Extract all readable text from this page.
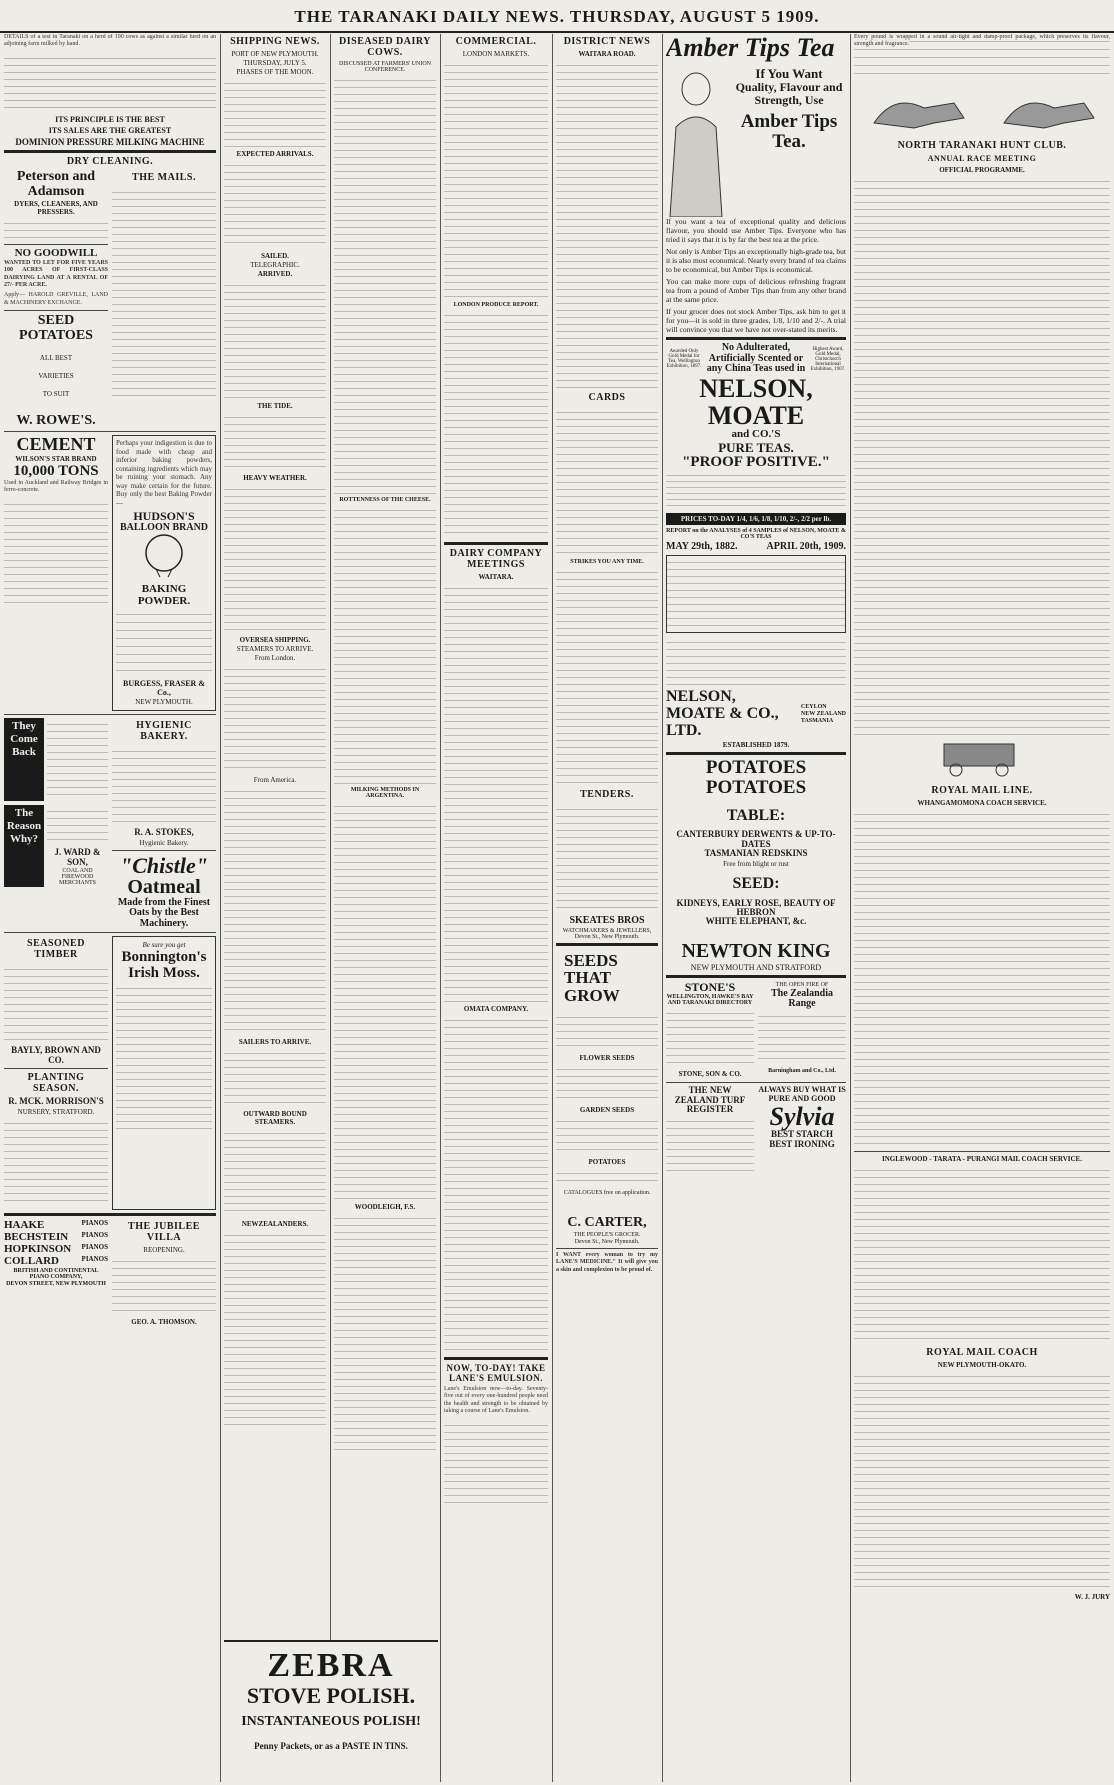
THE TARANAKI DAILY NEWS. THURSDAY, AUGUST 5 1909.

DETAILS of a test in Taranaki on a herd of 190 cows as against a similar herd on an adjoining farm milked by hand.

ITS PRINCIPLE IS THE BEST
ITS SALES ARE THE GREATEST
DOMINION PRESSURE MILKING MACHINE
DRY CLEANING.
Peterson and Adamson
DYERS, CLEANERS, AND PRESSERS.
NO GOODWILL

WANTED TO LET FOR FIVE YEARS 100 ACRES OF FIRST-CLASS DAIRYING LAND AT A RENTAL OF 27/- PER ACRE.

Apply— HAROLD GREVILLE, LAND & MACHINERY EXCHANGE.

SEED POTATOES
ALL BEST
VARIETIES
TO SUIT
W. ROWE'S.
THE MAILS.
CEMENT
WILSON'S STAR BRAND
10,000 TONS

Used in Auckland and Railway Bridges in ferro-concrete.

Perhaps your indigestion is due to food made with cheap and inferior baking powders, containing ingredients which may be ruining your stomach. Any way make certain for the future. Buy only the best Baking Powder—

HUDSON'S
BALLOON BRAND
BAKING POWDER.
BURGESS, FRASER & Co.,
NEW PLYMOUTH.
They Come Back
The Reason Why?
J. WARD & SON,
COAL AND FIREWOOD MERCHANTS
HYGIENIC BAKERY.
R. A. STOKES,
Hygienic Bakery.
"Chistle"
Oatmeal
Made from the Finest Oats by the Best Machinery.
SEASONED TIMBER
BAYLY, BROWN AND CO.
PLANTING SEASON.
R. MCK. MORRISON'S
NURSERY, STRATFORD.
Be sure you get
Bonnington's Irish Moss.
HAAKE	PIANOS
BECHSTEIN PIANOS
HOPKINSON PIANOS
COLLARD	PIANOS
BRITISH AND CONTINENTAL PIANO COMPANY,
DEVON STREET, NEW PLYMOUTH
THE JUBILEE VILLA
REOPENING.
GEO. A. THOMSON.
SHIPPING NEWS.
PORT OF NEW PLYMOUTH.
THURSDAY, JULY 5.
PHASES OF THE MOON.
EXPECTED ARRIVALS.
SAILED.
TELEGRAPHIC.
ARRIVED.
THE TIDE.
HEAVY WEATHER.
OVERSEA SHIPPING.
STEAMERS TO ARRIVE.
From London.
From America.
SAILERS TO ARRIVE.
OUTWARD BOUND STEAMERS.
NEWZEALANDERS.
DISEASED DAIRY COWS.
DISCUSSED AT FARMERS' UNION CONFERENCE.
ROTTENNESS OF THE CHEESE.
MILKING METHODS IN ARGENTINA.
WOODLEIGH, F.S.
ZEBRA
STOVE POLISH.
INSTANTANEOUS POLISH!
Penny Packets, or as a PASTE IN TINS.
COMMERCIAL.
LONDON MARKETS.
LONDON PRODUCE REPORT.
DAIRY COMPANY MEETINGS
WAITARA.
OMATA COMPANY.
NOW, TO-DAY! TAKE LANE'S EMULSION.

Lane's Emulsion now—to-day. Seventy-five out of every one-hundred people need the health and strength to be obtained by taking a course of Lane's Emulsion.

DISTRICT NEWS
WAITARA ROAD.
CARDS
STRIKES YOU ANY TIME.
TENDERS.
SKEATES BROS
WATCHMAKERS & JEWELLERS, Devon St., New Plymouth.
SEEDS THAT GROW
FLOWER SEEDS
GARDEN SEEDS
POTATOES
CATALOGUES free on application.
C. CARTER,
THE PEOPLE'S GROCER.
Devon St., New Plymouth.

I WANT every woman to try my LANE'S MEDICINE." It will give you a skin and complexion to be proud of.

Amber Tips Tea
If You Want
Quality, Flavour and Strength, Use
Amber Tips Tea.

If you want a tea of exceptional quality and delicious flavour, you should use Amber Tips. Everyone who has tried it says that it is by far the best tea at the price.

Not only is Amber Tips an exceptionally high-grade tea, but it is also most economical. Nearly every brand of tea claims to be economical, but Amber Tips is economical.

You can make more cups of delicious refreshing fragrant tea from a pound of Amber Tips than from any other brand at the same price.

If your grocer does not stock Amber Tips, ask him to get it for you—it is sold in three grades, 1/8, 1/10 and 2/-. A trial will convince you that we have not over-stated its merits.

Awarded Only Gold Medal for Tea, Wellington Exhibition, 1897.
No Adulterated, Artificially Scented or any China Teas used in
Highest Award, Gold Medal, Christchurch International Exhibition, 1907.
NELSON, MOATE
and CO.'S
PURE TEAS.
"PROOF POSITIVE."
PRICES TO-DAY 1/4, 1/6, 1/8, 1/10, 2/-, 2/2 per lb.
REPORT on the ANALYSES of 4 SAMPLES of NELSON, MOATE & CO'S TEAS
MAY 29th, 1882.	APRIL 20th, 1909.
NELSON, MOATE & CO., LTD.
CEYLON
NEW ZEALAND
TASMANIA
ESTABLISHED 1879.
POTATOES POTATOES
TABLE:
CANTERBURY DERWENTS & UP-TO-DATES
TASMANIAN REDSKINS
Free from blight or rust
SEED:
KIDNEYS, EARLY ROSE, BEAUTY OF HEBRON
WHITE ELEPHANT, &c.
NEWTON KING
NEW PLYMOUTH AND STRATFORD
STONE'S
WELLINGTON, HAWKE'S BAY AND TARANAKI DIRECTORY
STONE, SON & CO.
THE OPEN FIRE OF
The Zealandia Range
Barningham and Co., Ltd.
THE NEW ZEALAND TURF REGISTER
ALWAYS BUY WHAT IS PURE AND GOOD
Sylvia
BEST STARCH
BEST IRONING
Every pound is wrapped in a sound air-tight and damp-proof package, which preserves its flavour, strength and fragrance.
NORTH TARANAKI HUNT CLUB.
ANNUAL RACE MEETING
OFFICIAL PROGRAMME.
ROYAL MAIL LINE.
WHANGAMOMONA COACH SERVICE.
INGLEWOOD - TARATA - PURANGI MAIL COACH SERVICE.
ROYAL MAIL COACH
NEW PLYMOUTH-OKATO.
W. J. JURY
